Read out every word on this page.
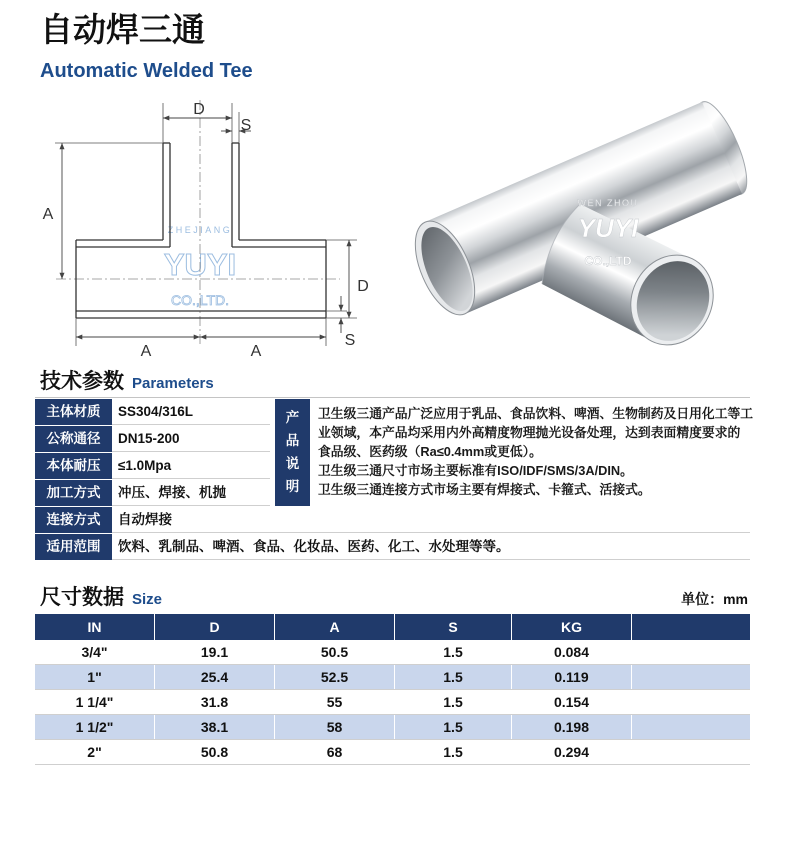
自动焊三通
Automatic Welded Tee
ZHEJIANG
YUYI
CO.,LTD.
D
S
A
D
S
A	A
WEN ZHOU
YUYI
CO.,LTD
技术参数 Parameters
主体材质	SS304/316L
公称通径	DN15-200
本体耐压	≤1.0Mpa
加工方式	冲压、焊接、机抛
连接方式	自动焊接
适用范围	饮料、乳制品、啤酒、食品、化妆品、医药、化工、水处理等等。
产
品
说
明
卫生级三通产品广泛应用于乳品、食品饮料、啤酒、生物制药及日用化工等工
业领域，本产品均采用内外高精度物理抛光设备处理，达到表面精度要求的
食品级、医药级（Ra≤0.4mm或更低）。
卫生级三通尺寸市场主要标准有ISO/IDF/SMS/3A/DIN。
卫生级三通连接方式市场主要有焊接式、卡箍式、活接式。
尺寸数据 Size	单位：mm
IN	D	A	S	KG
3/4"	19.1	50.5	1.5	0.084
1"	25.4	52.5	1.5	0.119
1 1/4"	31.8	55	1.5	0.154
1 1/2"	38.1	58	1.5	0.198
2"	50.8	68	1.5	0.294
